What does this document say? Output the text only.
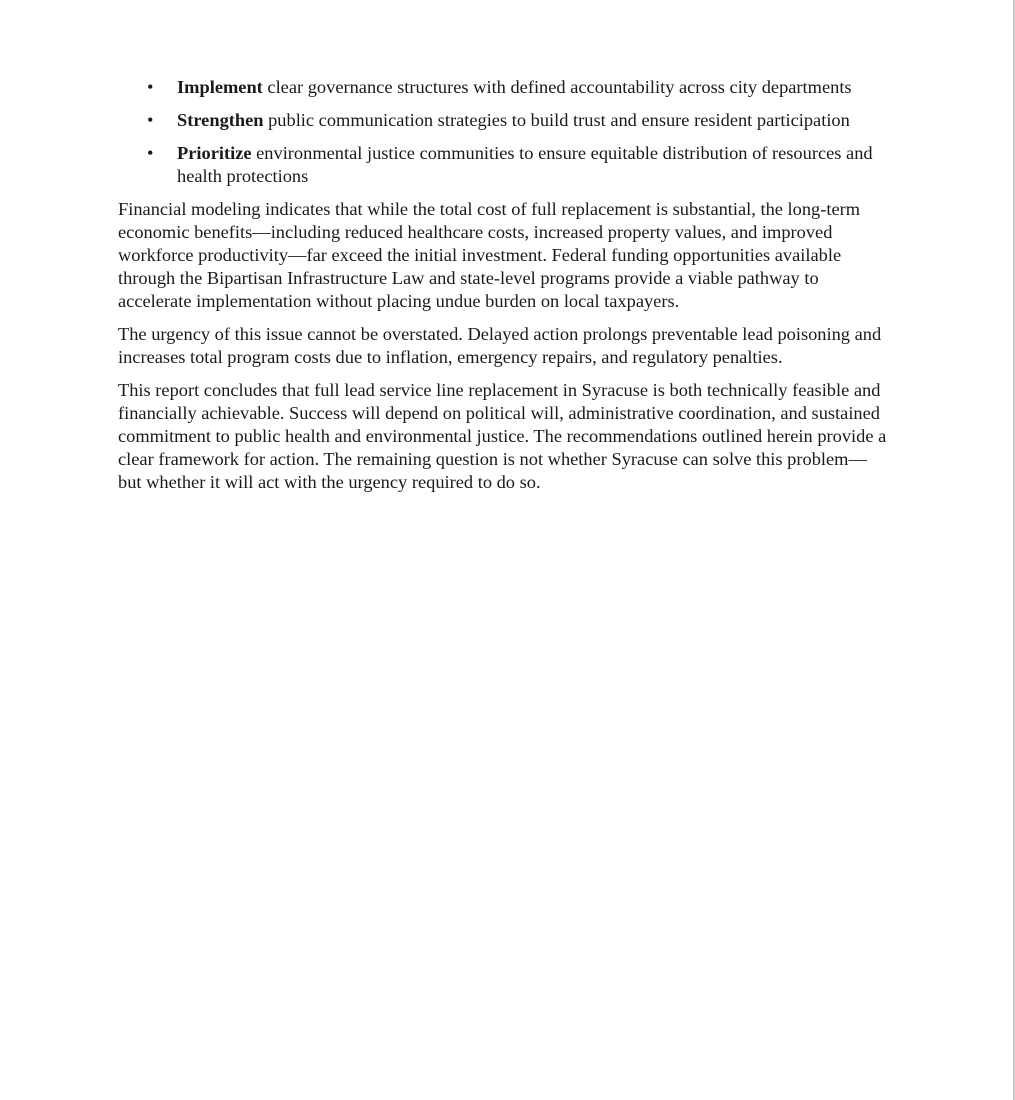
• Implement clear governance structures with defined accountability across city departments
• Strengthen public communication strategies to build trust and ensure resident participation
• Prioritize environmental justice communities to ensure equitable distribution of resources and health protections

Financial modeling indicates that while the total cost of full replacement is substantial, the long-term economic benefits—including reduced healthcare costs, increased property values, and improved workforce productivity—far exceed the initial investment. Federal funding opportunities available through the Bipartisan Infrastructure Law and state-level programs provide a viable pathway to accelerate implementation without placing undue burden on local taxpayers.

The urgency of this issue cannot be overstated. Delayed action prolongs preventable lead poisoning and increases total program costs due to inflation, emergency repairs, and regulatory penalties.

This report concludes that full lead service line replacement in Syracuse is both technically feasible and financially achievable. Success will depend on political will, administrative coordination, and sustained commitment to public health and environmental justice. The recommendations outlined herein provide a clear framework for action. The remaining question is not whether Syracuse can solve this problem—but whether it will act with the urgency required to do so.
